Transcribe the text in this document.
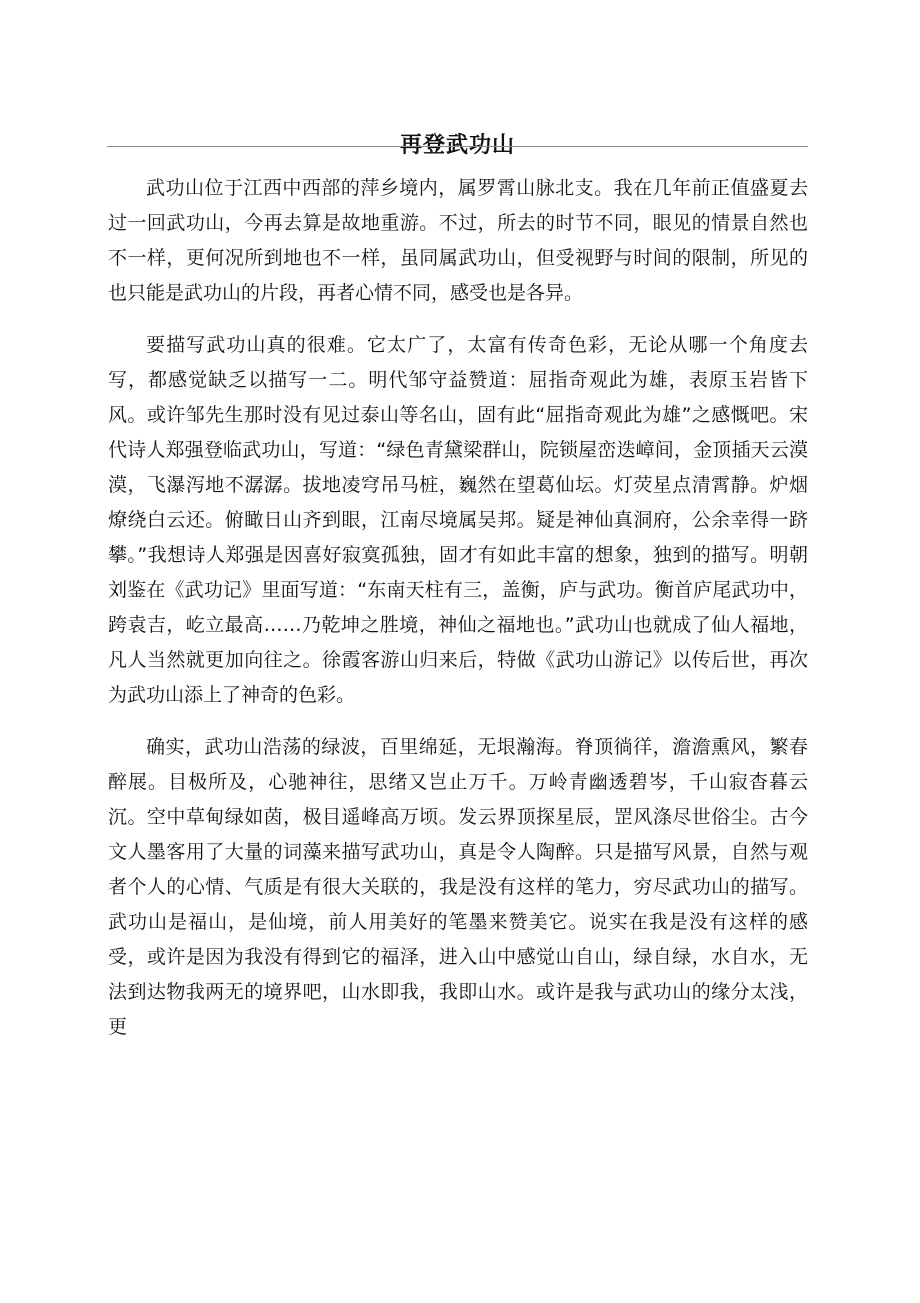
再登武功山

武功山位于江西中西部的萍乡境内，属罗霄山脉北支。我在几年前正值盛夏去过一回武功山，今再去算是故地重游。不过，所去的时节不同，眼见的情景自然也不一样，更何况所到地也不一样，虽同属武功山，但受视野与时间的限制，所见的也只能是武功山的片段，再者心情不同，感受也是各异。

要描写武功山真的很难。它太广了，太富有传奇色彩，无论从哪一个角度去写，都感觉缺乏以描写一二。明代邹守益赞道：屈指奇观此为雄，表原玉岩皆下风。或许邹先生那时没有见过泰山等名山，固有此“屈指奇观此为雄”之感慨吧。宋代诗人郑强登临武功山，写道：“绿色青黛梁群山，院锁屋峦迭嶂间，金顶插天云漠漠，飞瀑泻地不潺潺。拔地凌穹吊马桩，巍然在望葛仙坛。灯荧星点清霄静。炉烟燎绕白云还。俯瞰日山齐到眼，江南尽境属吴邦。疑是神仙真洞府，公余幸得一跻攀。”我想诗人郑强是因喜好寂寞孤独，固才有如此丰富的想象，独到的描写。明朝刘鉴在《武功记》里面写道：“东南天柱有三，盖衡，庐与武功。衡首庐尾武功中，跨袁吉，屹立最高……乃乾坤之胜境，神仙之福地也。”武功山也就成了仙人福地，凡人当然就更加向往之。徐霞客游山归来后，特做《武功山游记》以传后世，再次为武功山添上了神奇的色彩。

确实，武功山浩荡的绿波，百里绵延，无垠瀚海。脊顶徜徉，澹澹熏风，繁春醉展。目极所及，心驰神往，思绪又岂止万千。万岭青幽透碧岑，千山寂杳暮云沉。空中草甸绿如茵，极目遥峰高万顷。发云界顶探星辰，罡风涤尽世俗尘。古今文人墨客用了大量的词藻来描写武功山，真是令人陶醉。只是描写风景，自然与观者个人的心情、气质是有很大关联的，我是没有这样的笔力，穷尽武功山的描写。武功山是福山，是仙境，前人用美好的笔墨来赞美它。说实在我是没有这样的感受，或许是因为我没有得到它的福泽，进入山中感觉山自山，绿自绿，水自水，无法到达物我两无的境界吧，山水即我，我即山水。或许是我与武功山的缘分太浅，更
